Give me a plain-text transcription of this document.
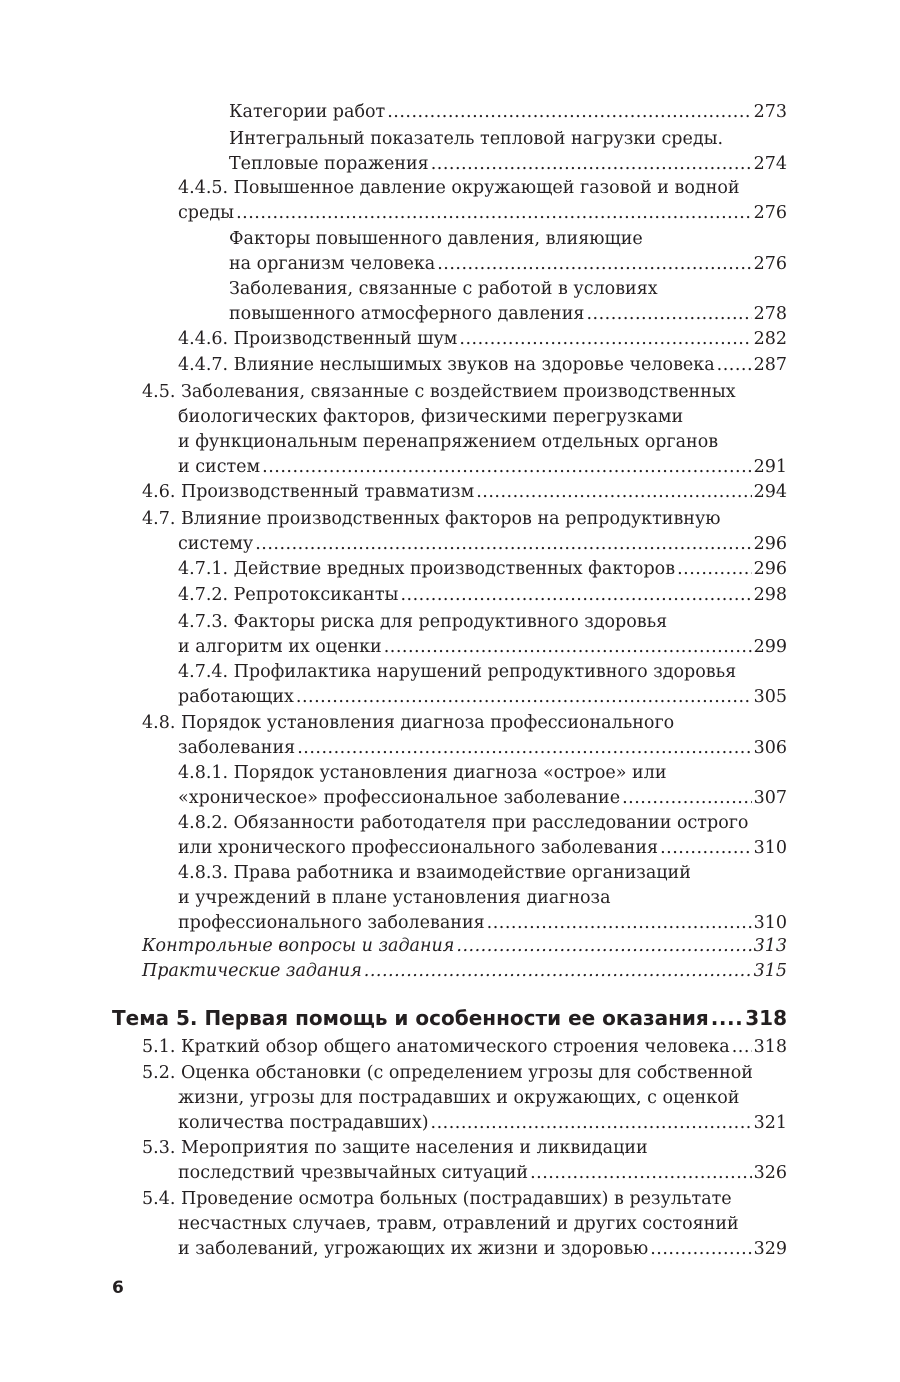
Категории работ .....	273
Интегральный показатель тепловой нагрузки среды.
Тепловые поражения .....	274
4.4.5. Повышенное давление окружающей газовой и водной
среды .....	276
Факторы повышенного давления, влияющие
на организм человека .....	276
Заболевания, связанные с работой в условиях
повышенного атмосферного давления .....	278
4.4.6. Производственный шум .....	282
4.4.7. Влияние неслышимых звуков на здоровье человека ..... 287
4.5. Заболевания, связанные с воздействием производственных
биологических факторов, физическими перегрузками
и функциональным перенапряжением отдельных органов
и систем .....	291
4.6. Производственный травматизм .....	294
4.7. Влияние производственных факторов на репродуктивную
систему .....	296
4.7.1. Действие вредных производственных факторов .....	296
4.7.2. Репротоксиканты .....	298
4.7.3. Факторы риска для репродуктивного здоровья
и алгоритм их оценки .....	299
4.7.4. Профилактика нарушений репродуктивного здоровья
работающих .....	305
4.8. Порядок установления диагноза профессионального
заболевания .....	306
4.8.1. Порядок установления диагноза «острое» или
«хроническое» профессиональное заболевание .....	307
4.8.2. Обязанности работодателя при расследовании острого
или хронического профессионального заболевания .....	310
4.8.3. Права работника и взаимодействие организаций
и учреждений в плане установления диагноза
профессионального заболевания .....	310
Контрольные вопросы и задания .....	313
Практические задания .....	315
Тема 5. Первая помощь и особенности ее оказания ..... 318
5.1. Краткий обзор общего анатомического строения человека ..... 318
5.2. Оценка обстановки (с определением угрозы для собственной
жизни, угрозы для пострадавших и окружающих, с оценкой
количества пострадавших) .....	321
5.3. Мероприятия по защите населения и ликвидации
последствий чрезвычайных ситуаций .....	326
5.4. Проведение осмотра больных (пострадавших) в результате
несчастных случаев, травм, отравлений и других состояний
и заболеваний, угрожающих их жизни и здоровью .....	329
6
